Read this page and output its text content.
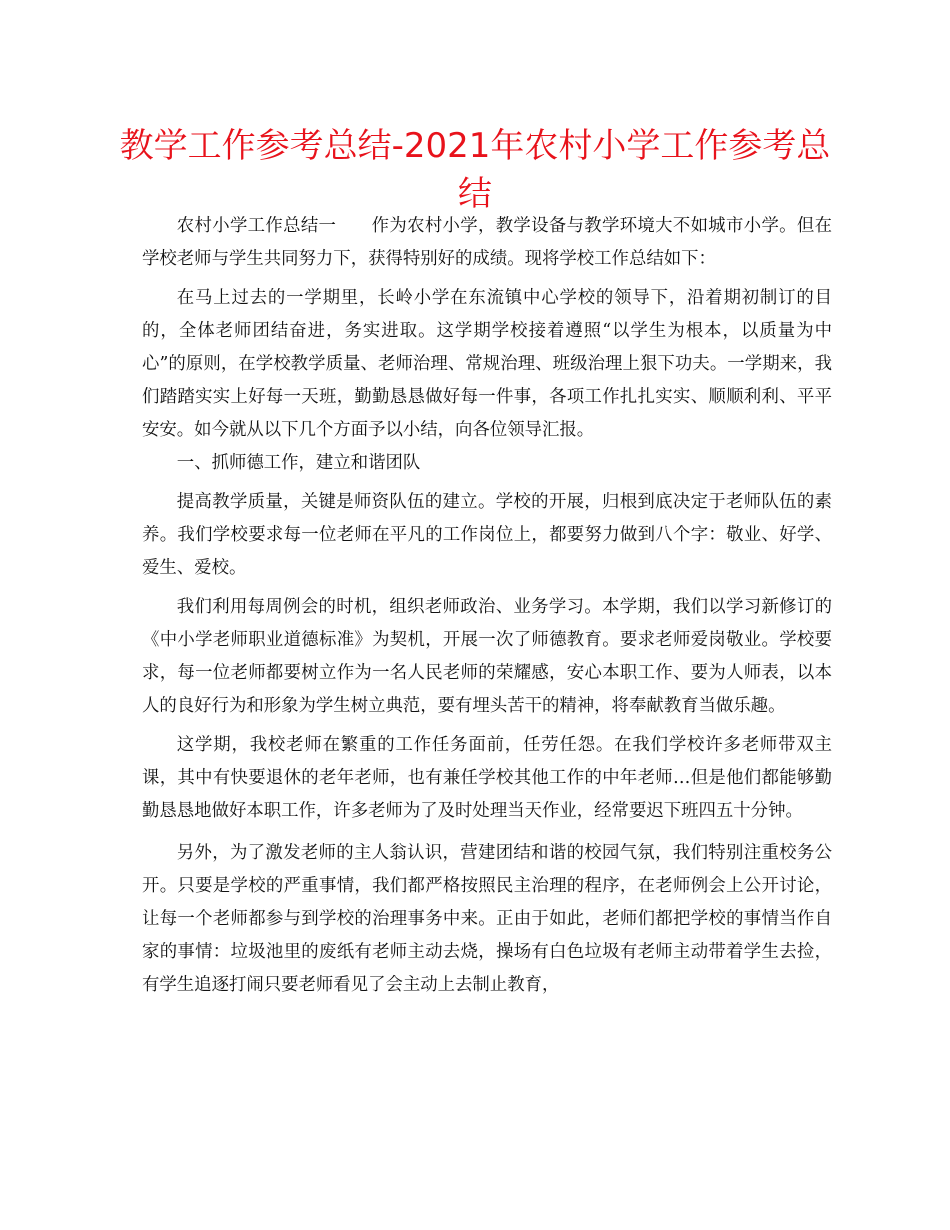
教学工作参考总结-2021年农村小学工作参考总结

农村小学工作总结一　　作为农村小学，教学设备与教学环境大不如城市小学。但在学校老师与学生共同努力下，获得特别好的成绩。现将学校工作总结如下：

在马上过去的一学期里，长岭小学在东流镇中心学校的领导下，沿着期初制订的目的，全体老师团结奋进，务实进取。这学期学校接着遵照“以学生为根本，以质量为中心”的原则，在学校教学质量、老师治理、常规治理、班级治理上狠下功夫。一学期来，我们踏踏实实上好每一天班，勤勤恳恳做好每一件事，各项工作扎扎实实、顺顺利利、平平安安。如今就从以下几个方面予以小结，向各位领导汇报。

一、抓师德工作，建立和谐团队

提高教学质量，关键是师资队伍的建立。学校的开展，归根到底决定于老师队伍的素养。我们学校要求每一位老师在平凡的工作岗位上，都要努力做到八个字：敬业、好学、爱生、爱校。

我们利用每周例会的时机，组织老师政治、业务学习。本学期，我们以学习新修订的《中小学老师职业道德标准》为契机，开展一次了师德教育。要求老师爱岗敬业。学校要求，每一位老师都要树立作为一名人民老师的荣耀感，安心本职工作、要为人师表，以本人的良好行为和形象为学生树立典范，要有埋头苦干的精神，将奉献教育当做乐趣。

这学期，我校老师在繁重的工作任务面前，任劳任怨。在我们学校许多老师带双主课，其中有快要退休的老年老师，也有兼任学校其他工作的中年老师…但是他们都能够勤勤恳恳地做好本职工作，许多老师为了及时处理当天作业，经常要迟下班四五十分钟。

另外，为了激发老师的主人翁认识，营建团结和谐的校园气氛，我们特别注重校务公开。只要是学校的严重事情，我们都严格按照民主治理的程序，在老师例会上公开讨论，让每一个老师都参与到学校的治理事务中来。正由于如此，老师们都把学校的事情当作自家的事情：垃圾池里的废纸有老师主动去烧，操场有白色垃圾有老师主动带着学生去捡，有学生追逐打闹只要老师看见了会主动上去制止教育，
